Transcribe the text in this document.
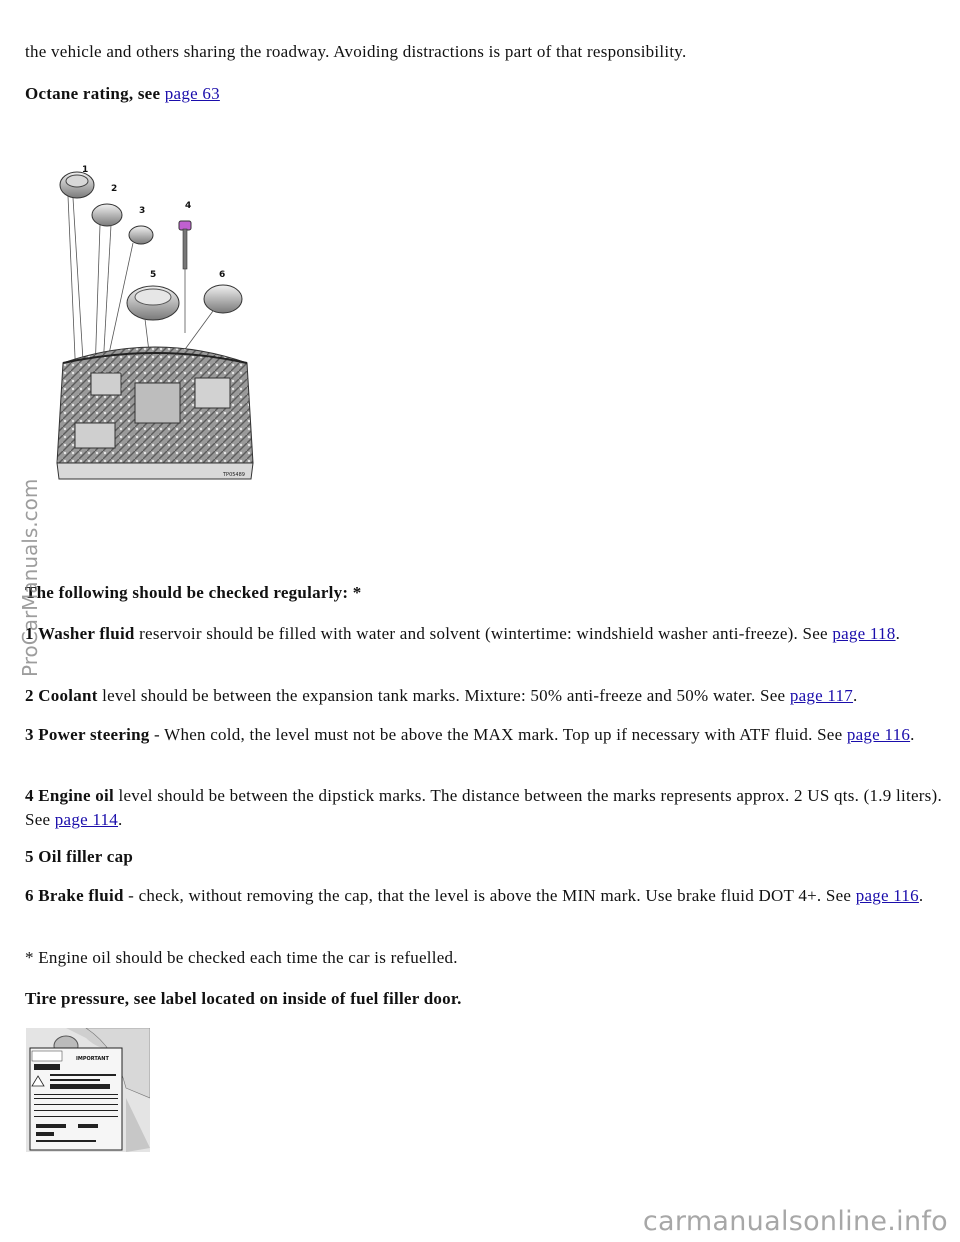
the vehicle and others sharing the roadway. Avoiding distractions is part of that responsibility.

Octane rating, see page 63

1
2
3	4
5	6
TP05489

The following should be checked regularly: *

1 Washer fluid reservoir should be filled with water and solvent (wintertime: windshield washer anti-freeze). See page 118.

2 Coolant level should be between the expansion tank marks. Mixture: 50% anti-freeze and 50% water. See page 117.

3 Power steering - When cold, the level must not be above the MAX mark. Top up if necessary with ATF fluid. See page 116.

4 Engine oil level should be between the dipstick marks. The distance between the marks represents approx. 2 US qts. (1.9 liters). See page 114.

5 Oil filler cap

6 Brake fluid - check, without removing the cap, that the level is above the MIN mark. Use brake fluid DOT 4+. See page 116.

* Engine oil should be checked each time the car is refuelled.

Tire pressure, see label located on inside of fuel filler door.

IMPORTANT
ProCarManuals.com
carmanualsonline.info
